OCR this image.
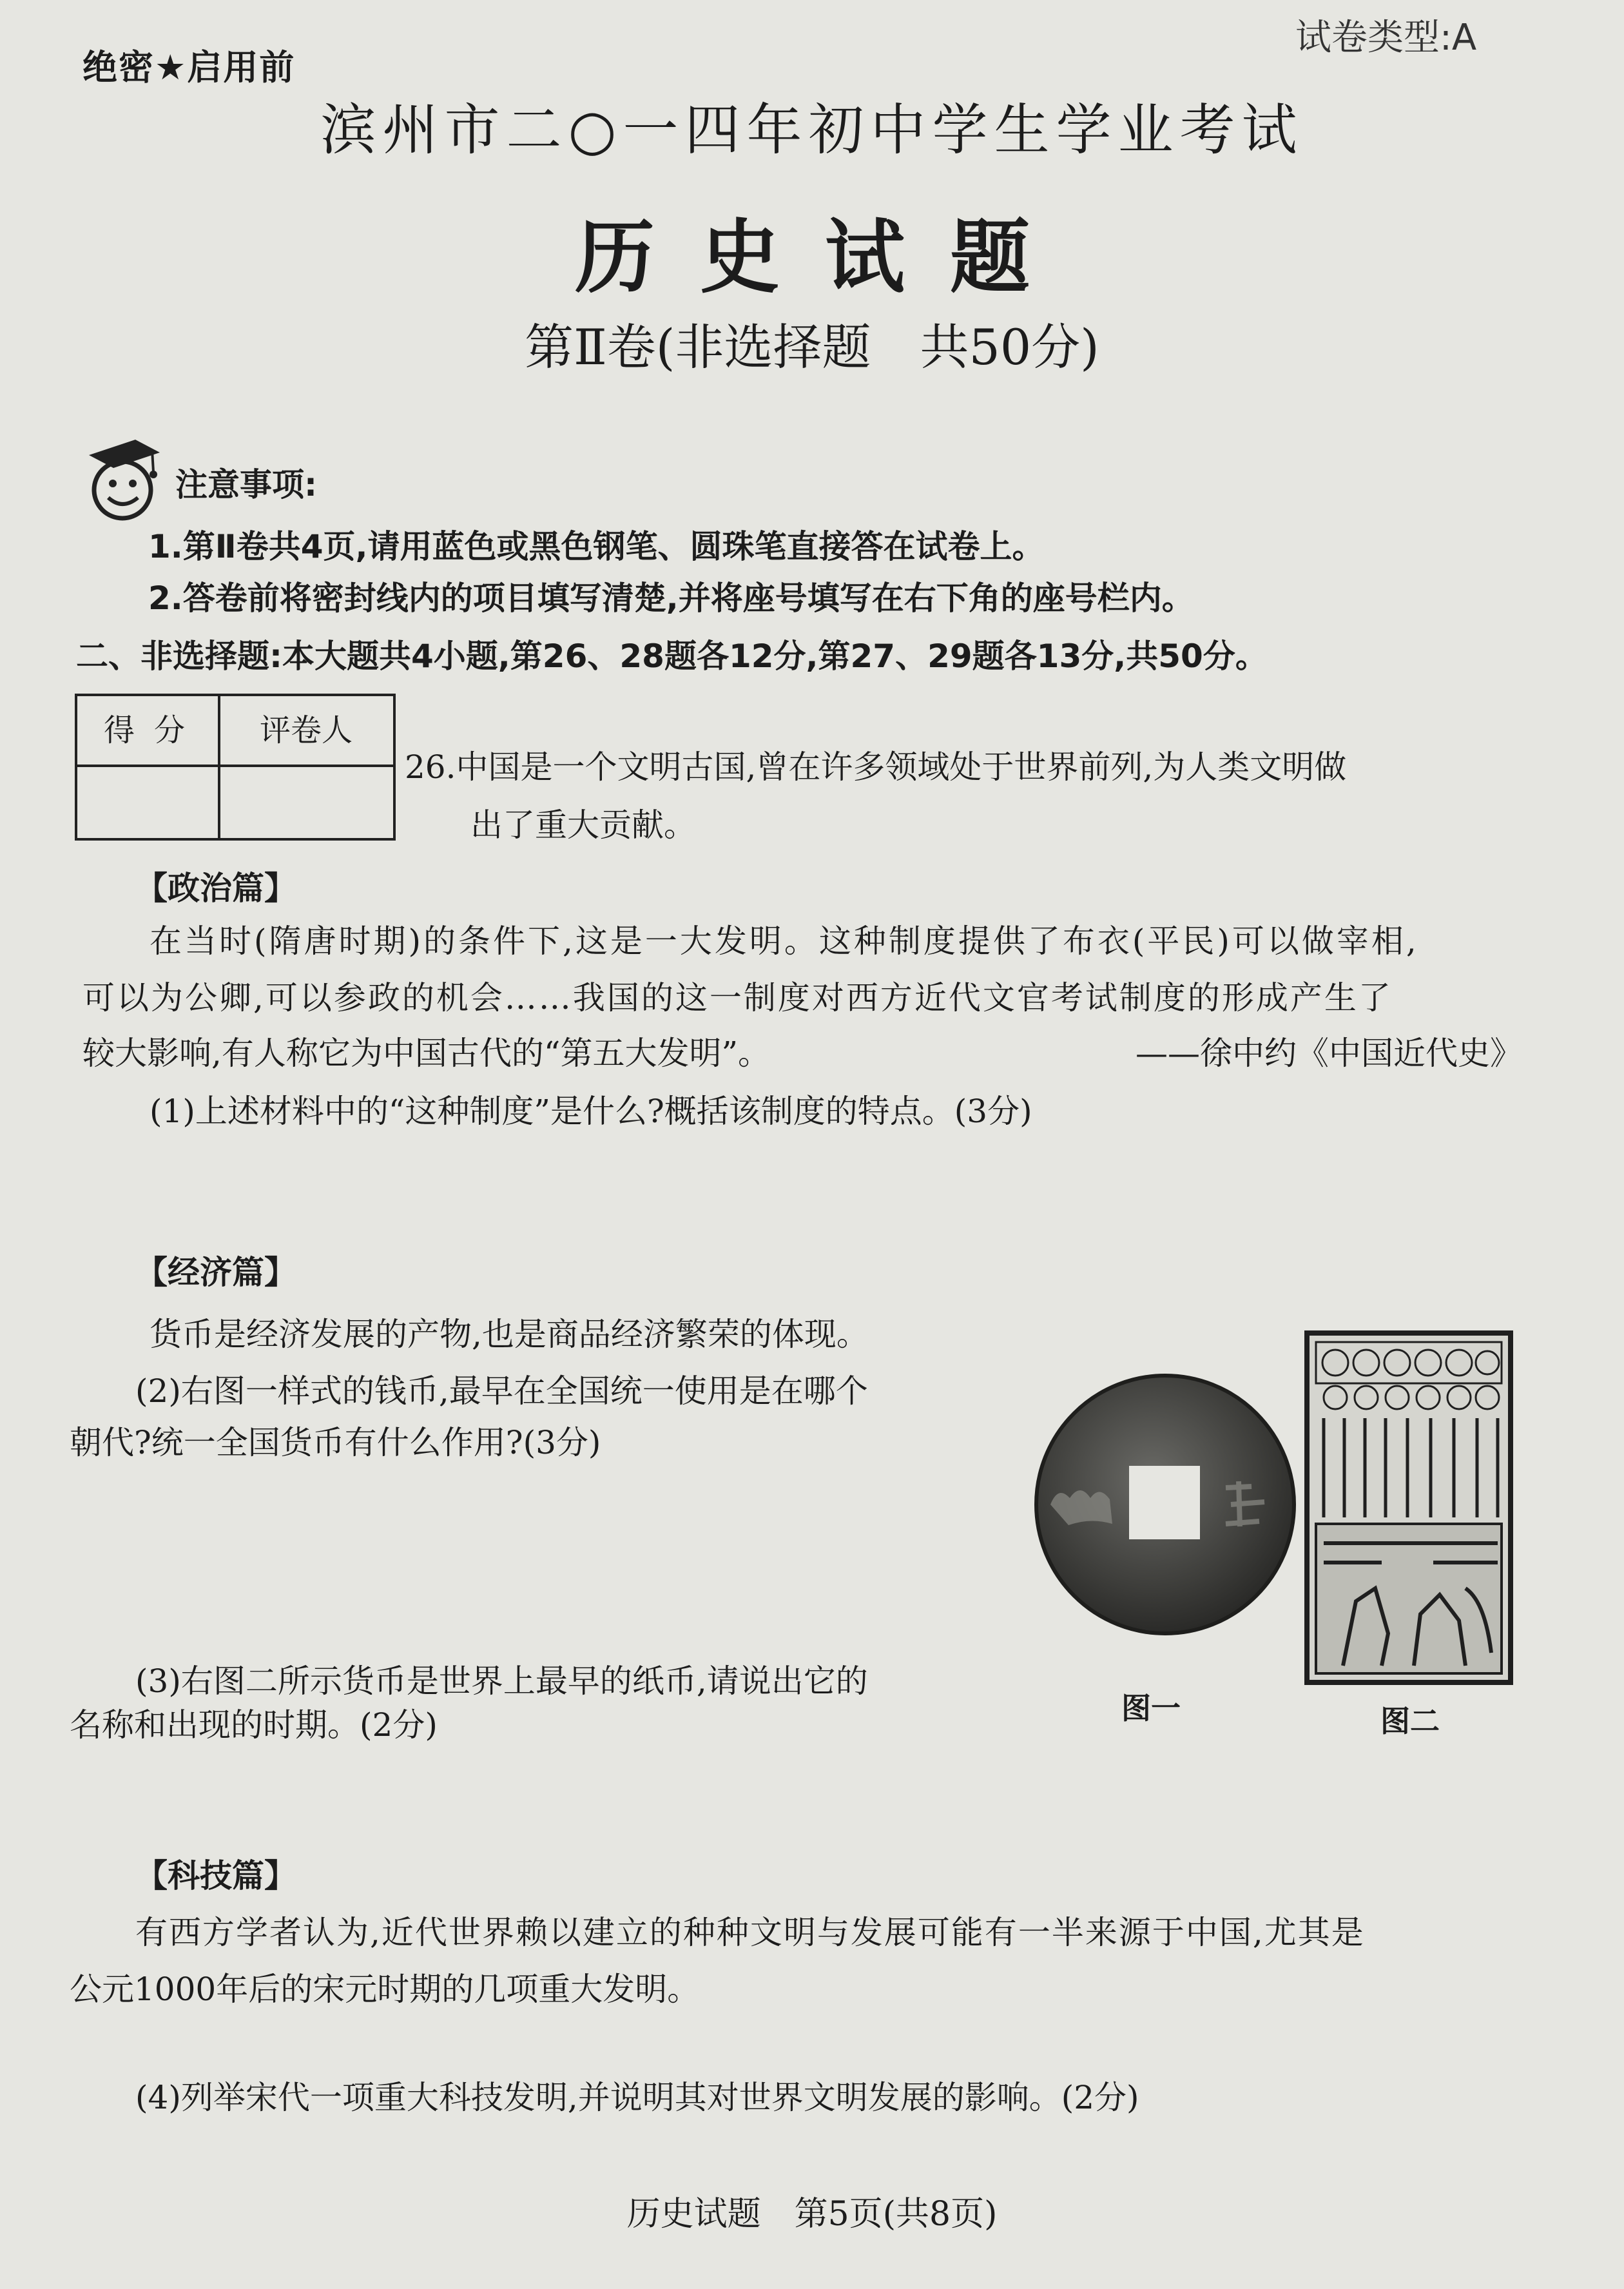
绝密★启用前
试卷类型:A
滨州市二○一四年初中学生学业考试
历史试题
第Ⅱ卷(非选择题　共50分)
注意事项:
1.第Ⅱ卷共4页,请用蓝色或黑色钢笔、圆珠笔直接答在试卷上。
2.答卷前将密封线内的项目填写清楚,并将座号填写在右下角的座号栏内。
二、非选择题:本大题共4小题,第26、28题各12分,第27、29题各13分,共50分。
得分	评卷人
26.中国是一个文明古国,曾在许多领域处于世界前列,为人类文明做
出了重大贡献。
【政治篇】
在当时(隋唐时期)的条件下,这是一大发明。这种制度提供了布衣(平民)可以做宰相,
可以为公卿,可以参政的机会……我国的这一制度对西方近代文官考试制度的形成产生了
较大影响,有人称它为中国古代的“第五大发明”。	——徐中约《中国近代史》
(1)上述材料中的“这种制度”是什么?概括该制度的特点。(3分)
【经济篇】
货币是经济发展的产物,也是商品经济繁荣的体现。
(2)右图一样式的钱币,最早在全国统一使用是在哪个
朝代?统一全国货币有什么作用?(3分)
(3)右图二所示货币是世界上最早的纸币,请说出它的
名称和出现的时期。(2分)	图一	图二
【科技篇】
有西方学者认为,近代世界赖以建立的种种文明与发展可能有一半来源于中国,尤其是
公元1000年后的宋元时期的几项重大发明。
(4)列举宋代一项重大科技发明,并说明其对世界文明发展的影响。(2分)
历史试题　第5页(共8页)
